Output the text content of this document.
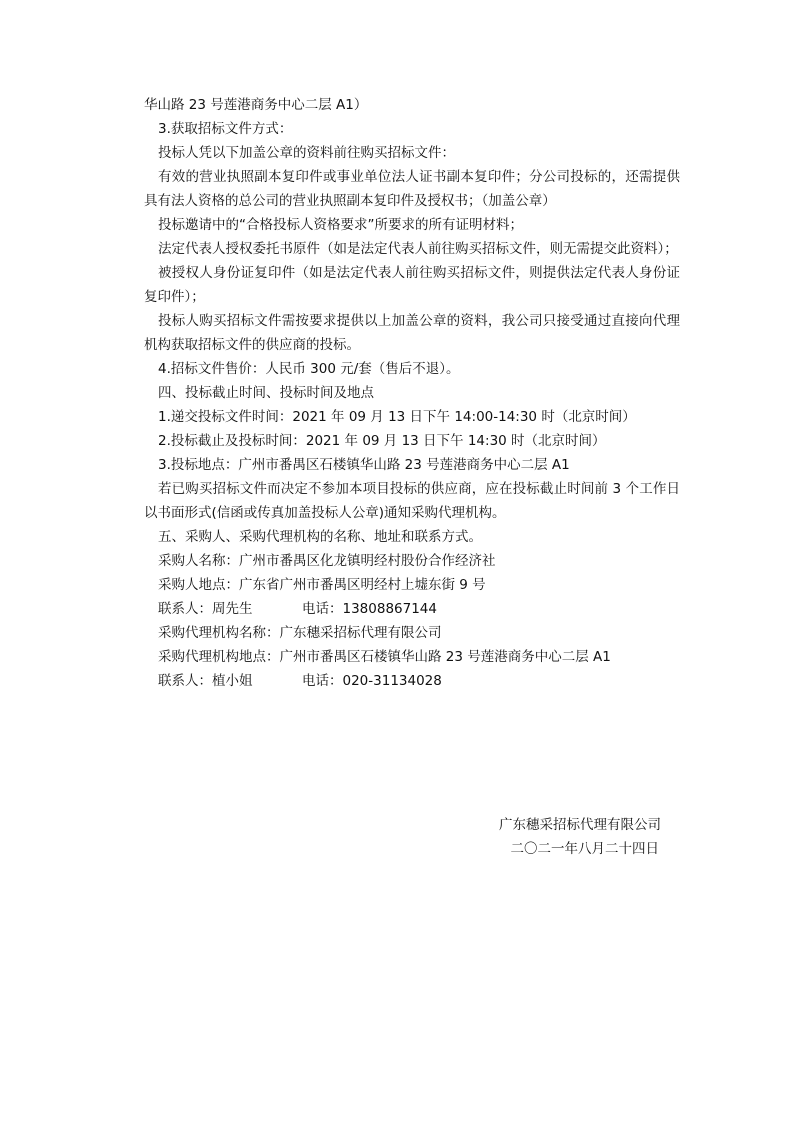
华山路 23 号莲港商务中心二层 A1）

3.获取招标文件方式：

投标人凭以下加盖公章的资料前往购买招标文件：

有效的营业执照副本复印件或事业单位法人证书副本复印件；分公司投标的，还需提供具有法人资格的总公司的营业执照副本复印件及授权书；（加盖公章）

投标邀请中的“合格投标人资格要求”所要求的所有证明材料；

法定代表人授权委托书原件（如是法定代表人前往购买招标文件，则无需提交此资料）；

被授权人身份证复印件（如是法定代表人前往购买招标文件，则提供法定代表人身份证复印件）；

投标人购买招标文件需按要求提供以上加盖公章的资料，我公司只接受通过直接向代理机构获取招标文件的供应商的投标。

4.招标文件售价：人民币 300 元/套（售后不退）。

四、投标截止时间、投标时间及地点

1.递交投标文件时间：2021 年 09 月 13 日下午 14:00-14:30 时（北京时间）

2.投标截止及投标时间：2021 年 09 月 13 日下午 14:30 时（北京时间）

3.投标地点：广州市番禺区石楼镇华山路 23 号莲港商务中心二层 A1

若已购买招标文件而决定不参加本项目投标的供应商，应在投标截止时间前 3 个工作日以书面形式(信函或传真加盖投标人公章)通知采购代理机构。

五、采购人、采购代理机构的名称、地址和联系方式。

采购人名称：广州市番禺区化龙镇明经村股份合作经济社

采购人地点：广东省广州市番禺区明经村上墟东街 9 号

联系人：周先生	电话：13808867144

采购代理机构名称：广东穗采招标代理有限公司

采购代理机构地点：广州市番禺区石楼镇华山路 23 号莲港商务中心二层 A1

联系人：植小姐	电话：020-31134028
广东穗采招标代理有限公司
二〇二一年八月二十四日
